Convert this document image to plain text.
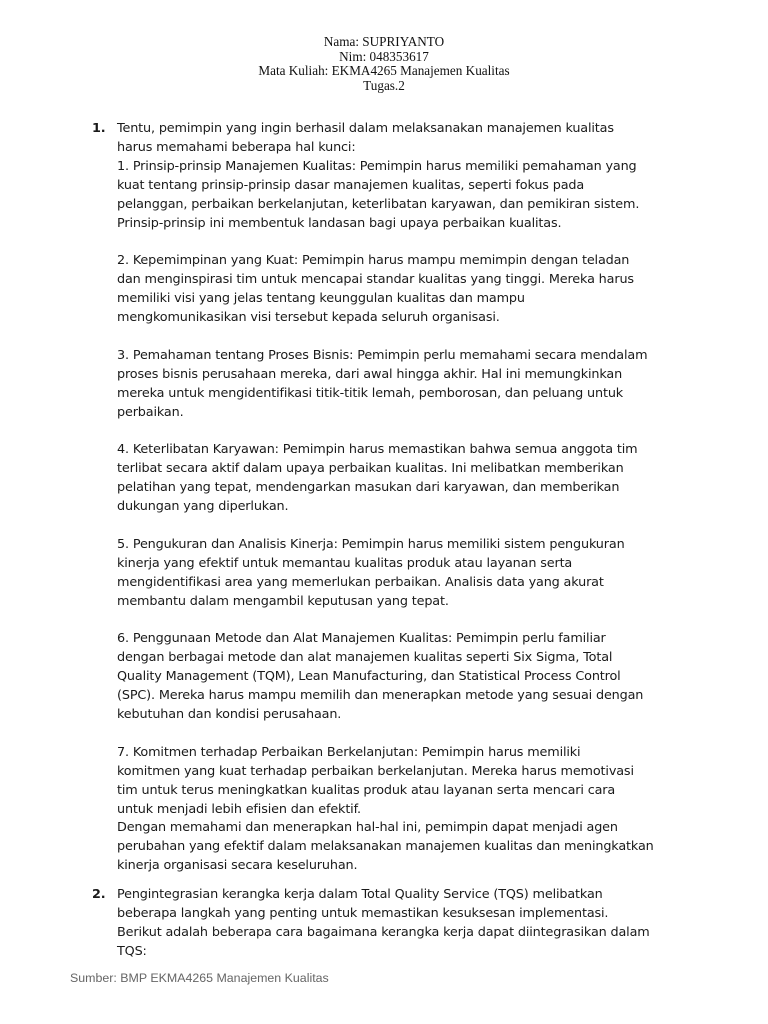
Nama: SUPRIYANTO
Nim: 048353617
Mata Kuliah: EKMA4265 Manajemen Kualitas
Tugas.2
1. Tentu, pemimpin yang ingin berhasil dalam melaksanakan manajemen kualitas
harus memahami beberapa hal kunci:
1. Prinsip-prinsip Manajemen Kualitas: Pemimpin harus memiliki pemahaman yang
kuat tentang prinsip-prinsip dasar manajemen kualitas, seperti fokus pada
pelanggan, perbaikan berkelanjutan, keterlibatan karyawan, dan pemikiran sistem.
Prinsip-prinsip ini membentuk landasan bagi upaya perbaikan kualitas.
2. Kepemimpinan yang Kuat: Pemimpin harus mampu memimpin dengan teladan
dan menginspirasi tim untuk mencapai standar kualitas yang tinggi. Mereka harus
memiliki visi yang jelas tentang keunggulan kualitas dan mampu
mengkomunikasikan visi tersebut kepada seluruh organisasi.
3. Pemahaman tentang Proses Bisnis: Pemimpin perlu memahami secara mendalam
proses bisnis perusahaan mereka, dari awal hingga akhir. Hal ini memungkinkan
mereka untuk mengidentifikasi titik-titik lemah, pemborosan, dan peluang untuk
perbaikan.
4. Keterlibatan Karyawan: Pemimpin harus memastikan bahwa semua anggota tim
terlibat secara aktif dalam upaya perbaikan kualitas. Ini melibatkan memberikan
pelatihan yang tepat, mendengarkan masukan dari karyawan, dan memberikan
dukungan yang diperlukan.
5. Pengukuran dan Analisis Kinerja: Pemimpin harus memiliki sistem pengukuran
kinerja yang efektif untuk memantau kualitas produk atau layanan serta
mengidentifikasi area yang memerlukan perbaikan. Analisis data yang akurat
membantu dalam mengambil keputusan yang tepat.
6. Penggunaan Metode dan Alat Manajemen Kualitas: Pemimpin perlu familiar
dengan berbagai metode dan alat manajemen kualitas seperti Six Sigma, Total
Quality Management (TQM), Lean Manufacturing, dan Statistical Process Control
(SPC). Mereka harus mampu memilih dan menerapkan metode yang sesuai dengan
kebutuhan dan kondisi perusahaan.
7. Komitmen terhadap Perbaikan Berkelanjutan: Pemimpin harus memiliki
komitmen yang kuat terhadap perbaikan berkelanjutan. Mereka harus memotivasi
tim untuk terus meningkatkan kualitas produk atau layanan serta mencari cara
untuk menjadi lebih efisien dan efektif.
Dengan memahami dan menerapkan hal-hal ini, pemimpin dapat menjadi agen
perubahan yang efektif dalam melaksanakan manajemen kualitas dan meningkatkan
kinerja organisasi secara keseluruhan.
2. Pengintegrasian kerangka kerja dalam Total Quality Service (TQS) melibatkan
beberapa langkah yang penting untuk memastikan kesuksesan implementasi.
Berikut adalah beberapa cara bagaimana kerangka kerja dapat diintegrasikan dalam
TQS:
Sumber: BMP EKMA4265 Manajemen Kualitas
